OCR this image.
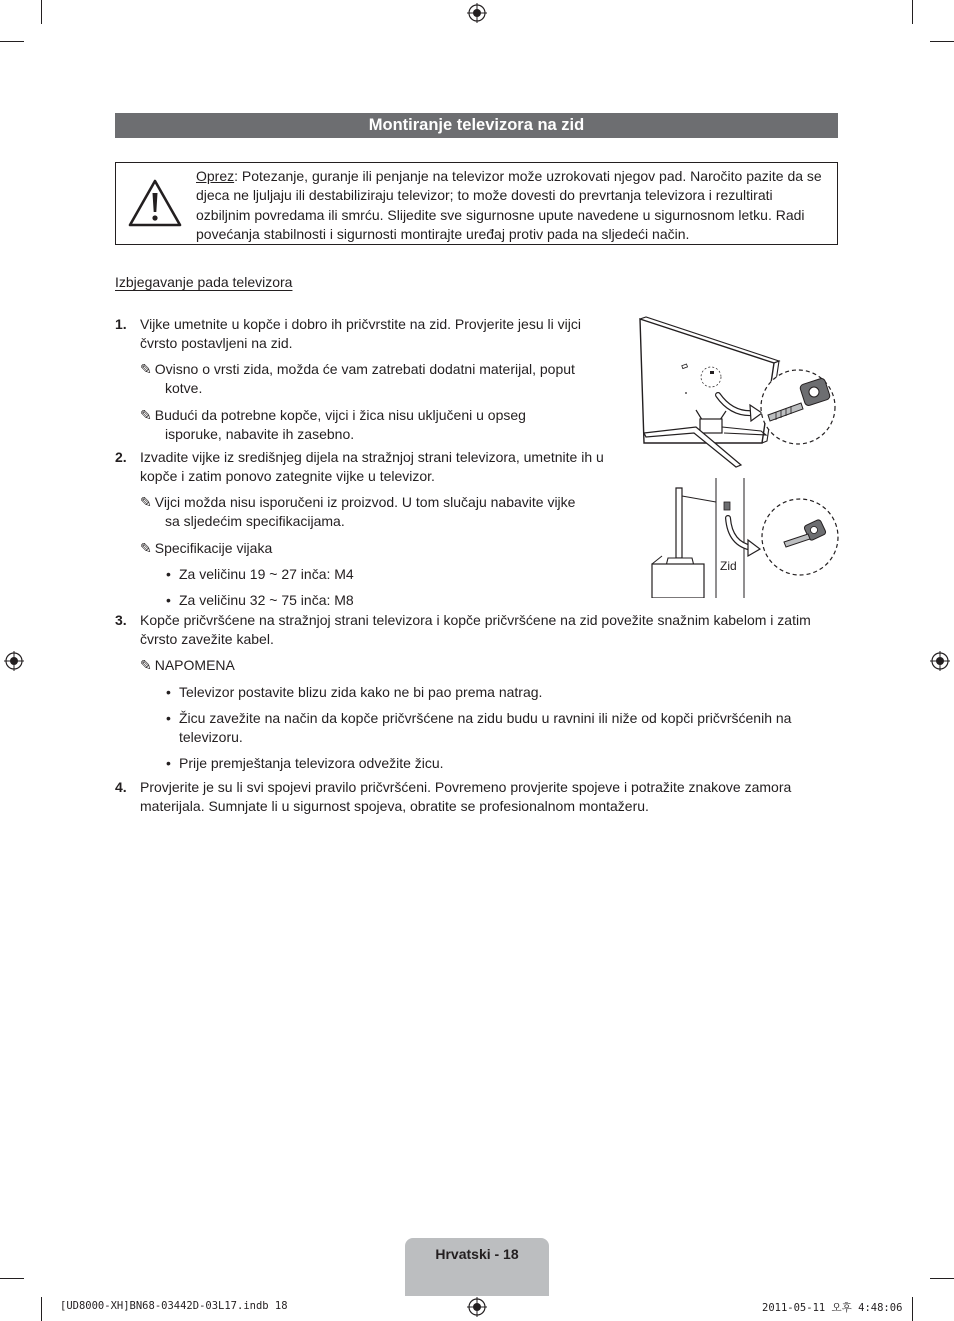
Montiranje televizora na zid
Oprez: Potezanje, guranje ili penjanje na televizor može uzrokovati njegov pad. Naročito pazite da se djeca ne ljuljaju ili destabiliziraju televizor; to može dovesti do prevrtanja televizora i rezultirati ozbiljnim povredama ili smrću. Slijedite sve sigurnosne upute navedene u sigurnosnom letku. Radi povećanja stabilnosti i sigurnosti montirajte uređaj protiv pada na sljedeći način.
Izbjegavanje pada televizora
1. Vijke umetnite u kopče i dobro ih pričvrstite na zid. Provjerite jesu li vijci
čvrsto postavljeni na zid.
✎ Ovisno o vrsti zida, možda će vam zatrebati dodatni materijal, poput
kotve.
✎ Budući da potrebne kopče, vijci i žica nisu uključeni u opseg
isporuke, nabavite ih zasebno.
2. Izvadite vijke iz središnjeg dijela na stražnjoj strani televizora, umetnite ih u
kopče i zatim ponovo zategnite vijke u televizor.
✎ Vijci možda nisu isporučeni iz proizvod. U tom slučaju nabavite vijke
sa sljedećim specifikacijama.
✎ Specifikacije vijaka
• Za veličinu 19 ~ 27 inča: M4
• Za veličinu 32 ~ 75 inča: M8
3. Kopče pričvršćene na stražnjoj strani televizora i kopče pričvršćene na zid povežite snažnim kabelom i zatim
čvrsto zavežite kabel.
✎ NAPOMENA
• Televizor postavite blizu zida kako ne bi pao prema natrag.
• Žicu zavežite na način da kopče pričvršćene na zidu budu u ravnini ili niže od kopči pričvršćenih na
televizoru.
• Prije premještanja televizora odvežite žicu.
4. Provjerite je su li svi spojevi pravilo pričvršćeni. Povremeno provjerite spojeve i potražite znakove zamora
materijala. Sumnjate li u sigurnost spojeva, obratite se profesionalnom montažeru.
Zid
Hrvatski - 18
[UD8000-XH]BN68-03442D-03L17.indb 18	2011-05-11 오후 4:48:06
